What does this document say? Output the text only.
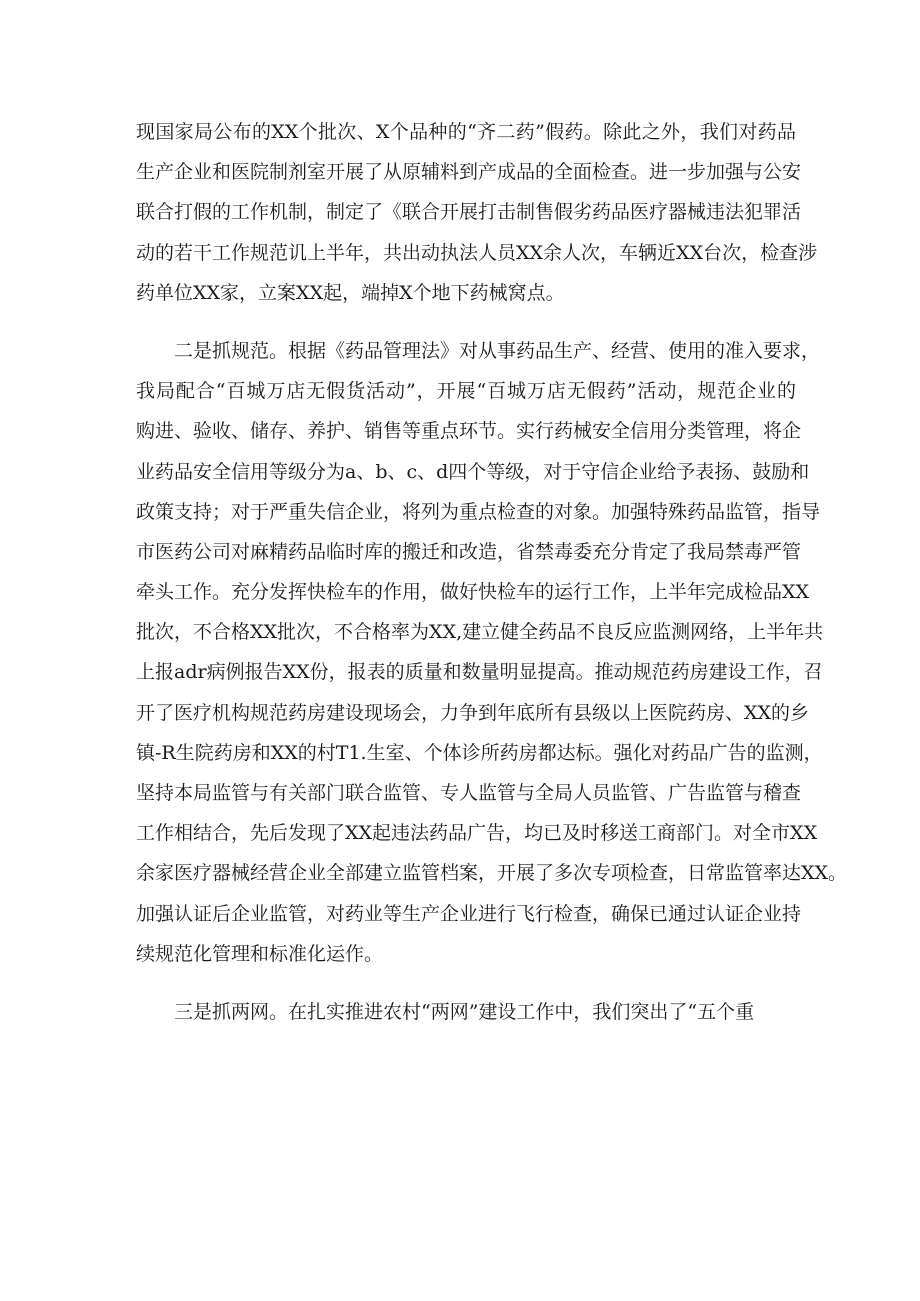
现国家局公布的XX个批次、X个品种的“齐二药”假药。除此之外，我们对药品
生产企业和医院制剂室开展了从原辅料到产成品的全面检查。进一步加强与公安
联合打假的工作机制，制定了《联合开展打击制售假劣药品医疗器械违法犯罪活
动的若干工作规范讥上半年，共出动执法人员XX余人次，车辆近XX台次，检查涉
药单位XX家，立案XX起，端掉X个地下药械窝点。
二是抓规范。根据《药品管理法》对从事药品生产、经营、使用的准入要求，
我局配合“百城万店无假货活动”，开展“百城万店无假药”活动，规范企业的
购进、验收、储存、养护、销售等重点环节。实行药械安全信用分类管理，将企
业药品安全信用等级分为a、b、c、d四个等级，对于守信企业给予表扬、鼓励和
政策支持；对于严重失信企业，将列为重点检查的对象。加强特殊药品监管，指导
市医药公司对麻精药品临时库的搬迁和改造，省禁毒委充分肯定了我局禁毒严管
牵头工作。充分发挥快检车的作用，做好快检车的运行工作，上半年完成检品XX
批次，不合格XX批次，不合格率为XX,建立健全药品不良反应监测网络，上半年共
上报adr病例报告XX份，报表的质量和数量明显提高。推动规范药房建设工作，召
开了医疗机构规范药房建设现场会，力争到年底所有县级以上医院药房、XX的乡
镇-R生院药房和XX的村T1.生室、个体诊所药房都达标。强化对药品广告的监测，
坚持本局监管与有关部门联合监管、专人监管与全局人员监管、广告监管与稽查
工作相结合，先后发现了XX起违法药品广告，均已及时移送工商部门。对全市XX
余家医疗器械经营企业全部建立监管档案，开展了多次专项检查，日常监管率达XX。
加强认证后企业监管，对药业等生产企业进行飞行检查，确保已通过认证企业持
续规范化管理和标准化运作。
三是抓两网。在扎实推进农村“两网”建设工作中，我们突出了“五个重
